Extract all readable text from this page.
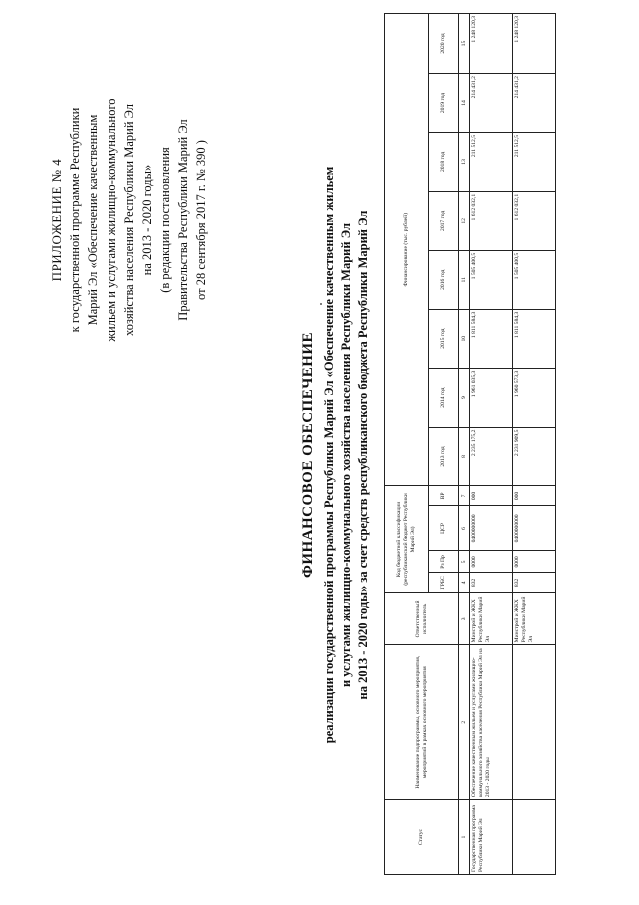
ПРИЛОЖЕНИЕ № 4 к государственной программе Республики Марий Эл «Обеспечение качественным жильем и услугами жилищно-коммунального хозяйства населения Республики Марий Эл на 2013 - 2020 годы» (в редакции постановления Правительства Республики Марий Эл от 28 сентября 2017 г. № 390 )
ФИНАНСОВОЕ ОБЕСПЕЧЕНИЕ реализации государственной программы Республики Марий Эл «Обеспечение качественным жильем и услугами жилищно-коммунального хозяйства населения Республики Марий Эл на 2013 - 2020 годы» за счет средств республиканского бюджета Республики Марий Эл
Статус	Наименование подпрограммы, основного мероприятия, мероприятий в рамках основного мероприятия	Ответственный исполнитель	Код бюджетной классификации (республиканский бюджет Республики Марий Эл)				Финансирование (тыс. рублей)							
			ГРБС	Рз Пр	ЦСР	ВР	2013 год	2014 год	2015 год	2016 год	2017 год	2018 год	2019 год	2020 год
1	2	3	4	5	6	7	8	9	10	11	12	13	14	15
Государственная программа Республики Марий Эл	Обеспечение качественным жильем и услугами жилищно-коммунального хозяйства населения Республики Марий Эл на 2013 - 2020 годы	Минстрой и ЖКХ Республики Марий Эл	832	0000	0400000000	000	2 235 175,2	1 961 035,3	1 811 584,3	1 505 400,5	1 612 032,1	211 512,5	214 431,2	1 248 120,3
		Минстрой и ЖКХ Республики Марий Эл	832	0000	0400000000	000	2 231 909,5	1 960 573,3	1 811 584,3	1 505 400,5	1 612 032,1	211 512,5	214 431,2	1 248 120,3
